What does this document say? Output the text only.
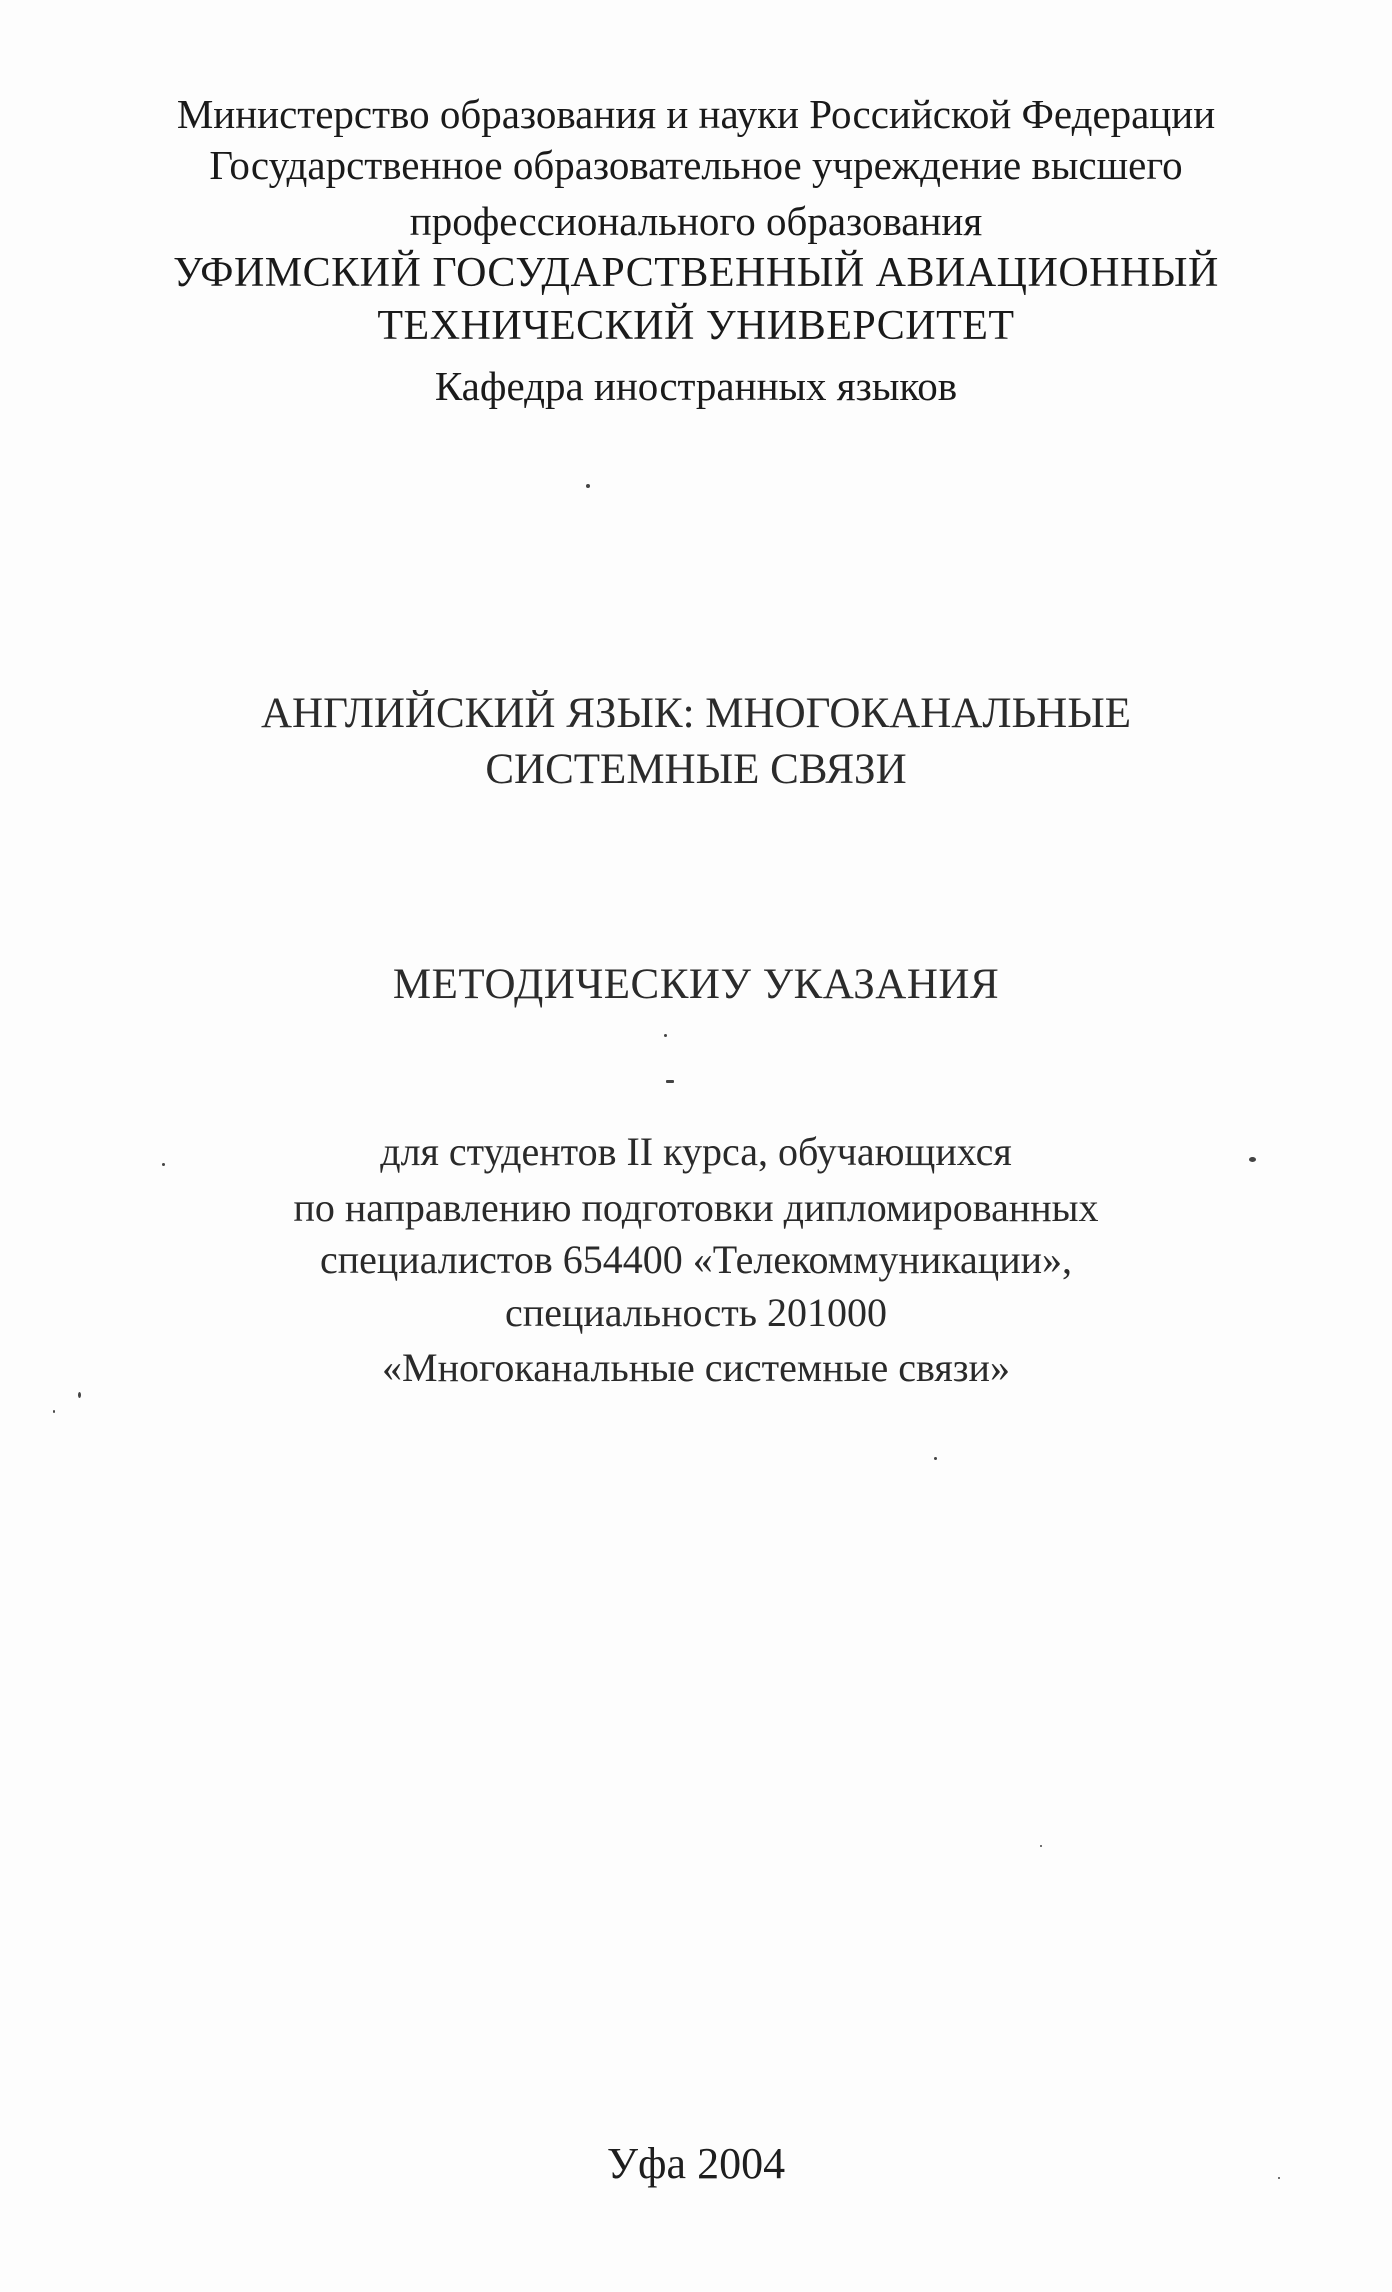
Министерство образования и науки Российской Федерации
Государственное образовательное учреждение высшего
профессионального образования
УФИМСКИЙ ГОСУДАРСТВЕННЫЙ АВИАЦИОННЫЙ
ТЕХНИЧЕСКИЙ УНИВЕРСИТЕТ
Кафедра иностранных языков
АНГЛИЙСКИЙ ЯЗЫК: МНОГОКАНАЛЬНЫЕ
СИСТЕМНЫЕ СВЯЗИ
МЕТОДИЧЕСКИУ УКАЗАНИЯ
для студентов II курса, обучающихся
по направлению подготовки дипломированных
специалистов 654400 «Телекоммуникации»,
специальность 201000
«Многоканальные системные связи»
Уфа 2004
